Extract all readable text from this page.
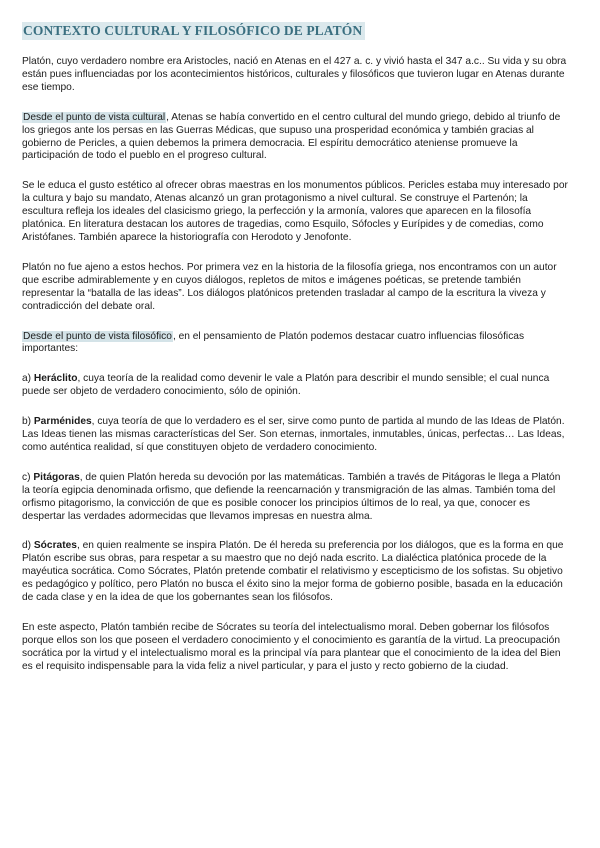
CONTEXTO CULTURAL Y FILOSÓFICO DE PLATÓN

Platón, cuyo verdadero nombre era Aristocles, nació en Atenas en el 427 a. c. y vivió hasta el 347 a.c.. Su vida y su obra están pues influenciadas por los acontecimientos históricos, culturales y filosóficos que tuvieron lugar en Atenas durante ese tiempo.

Desde el punto de vista cultural, Atenas se había convertido en el centro cultural del mundo griego, debido al triunfo de los griegos ante los persas en las Guerras Médicas, que supuso una prosperidad económica y también gracias al gobierno de Pericles, a quien debemos la primera democracia. El espíritu democrático ateniense promueve la participación de todo el pueblo en el progreso cultural.

Se le educa el gusto estético al ofrecer obras maestras en los monumentos públicos. Pericles estaba muy interesado por la cultura y bajo su mandato, Atenas alcanzó un gran protagonismo a nivel cultural. Se construye el Partenón; la escultura refleja los ideales del clasicismo griego, la perfección y la armonía, valores que aparecen en la filosofía platónica. En literatura destacan los autores de tragedias, como Esquilo, Sófocles y Eurípides y de comedias, como Aristófanes. También aparece la historiografía con Herodoto y Jenofonte.

Platón no fue ajeno a estos hechos. Por primera vez en la historia de la filosofía griega, nos encontramos con un autor que escribe admirablemente y en cuyos diálogos, repletos de mitos e imágenes poéticas, se pretende también representar la “batalla de las ideas”. Los diálogos platónicos pretenden trasladar al campo de la escritura la viveza y contradicción del debate oral.

Desde el punto de vista filosófico, en el pensamiento de Platón podemos destacar cuatro influencias filosóficas importantes:

a) Heráclito, cuya teoría de la realidad como devenir le vale a Platón para describir el mundo sensible; el cual nunca puede ser objeto de verdadero conocimiento, sólo de opinión.

b) Parménides, cuya teoría de que lo verdadero es el ser, sirve como punto de partida al mundo de las Ideas de Platón. Las Ideas tienen las mismas características del Ser. Son eternas, inmortales, inmutables, únicas, perfectas… Las Ideas, como auténtica realidad, sí que constituyen objeto de verdadero conocimiento.

c) Pitágoras, de quien Platón hereda su devoción por las matemáticas. También a través de Pitágoras le llega a Platón la teoría egipcia denominada orfismo, que defiende la reencarnación y transmigración de las almas. También toma del orfismo pitagorismo, la convicción de que es posible conocer los principios últimos de lo real, ya que, conocer es despertar las verdades adormecidas que llevamos impresas en nuestra alma.

d) Sócrates, en quien realmente se inspira Platón. De él hereda su preferencia por los diálogos, que es la forma en que Platón escribe sus obras, para respetar a su maestro que no dejó nada escrito. La dialéctica platónica procede de la mayéutica socrática. Como Sócrates, Platón pretende combatir el relativismo y escepticismo de los sofistas. Su objetivo es pedagógico y político, pero Platón no busca el éxito sino la mejor forma de gobierno posible, basada en la educación de cada clase y en la idea de que los gobernantes sean los filósofos.

En este aspecto, Platón también recibe de Sócrates su teoría del intelectualismo moral. Deben gobernar los filósofos porque ellos son los que poseen el verdadero conocimiento y el conocimiento es garantía de la virtud. La preocupación socrática por la virtud y el intelectualismo moral es la principal vía para plantear que el conocimiento de la idea del Bien es el requisito indispensable para la vida feliz a nivel particular, y para el justo y recto gobierno de la ciudad.
